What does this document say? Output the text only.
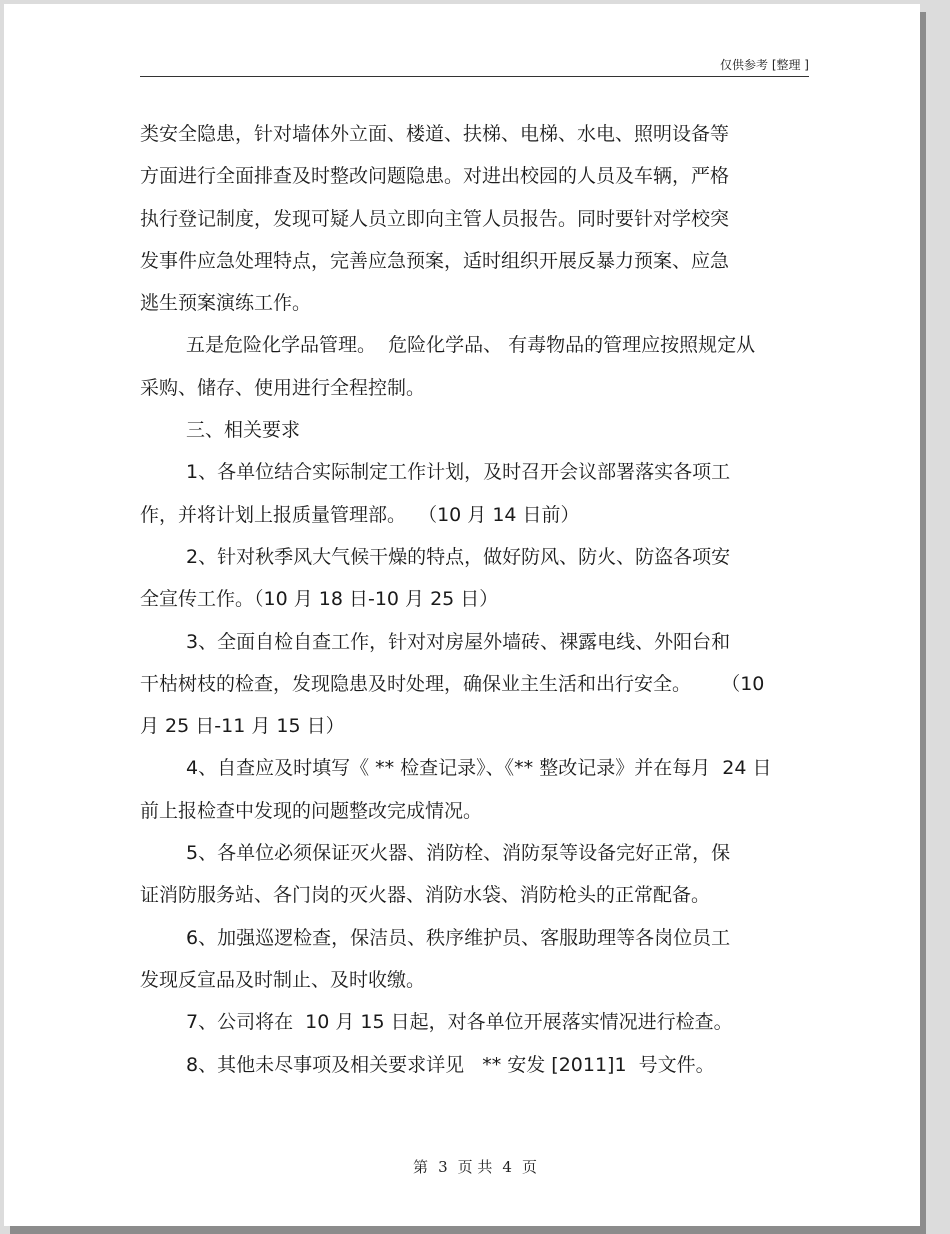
仅供参考 [整理 ]
类安全隐患，针对墙体外立面、楼道、扶梯、电梯、水电、照明设备等
方面进行全面排查及时整改问题隐患。对进出校园的人员及车辆，严格
执行登记制度，发现可疑人员立即向主管人员报告。同时要针对学校突
发事件应急处理特点，完善应急预案，适时组织开展反暴力预案、应急
逃生预案演练工作。
五是危险化学品管理。  危险化学品、 有毒物品的管理应按照规定从
采购、储存、使用进行全程控制。
三、相关要求
1、各单位结合实际制定工作计划，及时召开会议部署落实各项工
作，并将计划上报质量管理部。  （10 月 14 日前）
2、针对秋季风大气候干燥的特点，做好防风、防火、防盗各项安
全宣传工作。（10 月 18 日-10 月 25 日）
3、全面自检自查工作，针对对房屋外墙砖、裸露电线、外阳台和
干枯树枝的检查，发现隐患及时处理，确保业主生活和出行安全。     （10
月 25 日-11 月 15 日）
4、自查应及时填写《 ** 检查记录》、《** 整改记录》并在每月  24 日
前上报检查中发现的问题整改完成情况。
5、各单位必须保证灭火器、消防栓、消防泵等设备完好正常，保
证消防服务站、各门岗的灭火器、消防水袋、消防枪头的正常配备。
6、加强巡逻检查，保洁员、秩序维护员、客服助理等各岗位员工
发现反宣品及时制止、及时收缴。
7、公司将在  10 月 15 日起，对各单位开展落实情况进行检查。
8、其他未尽事项及相关要求详见   ** 安发 [2011]1  号文件。
第 3 页 共 4 页
